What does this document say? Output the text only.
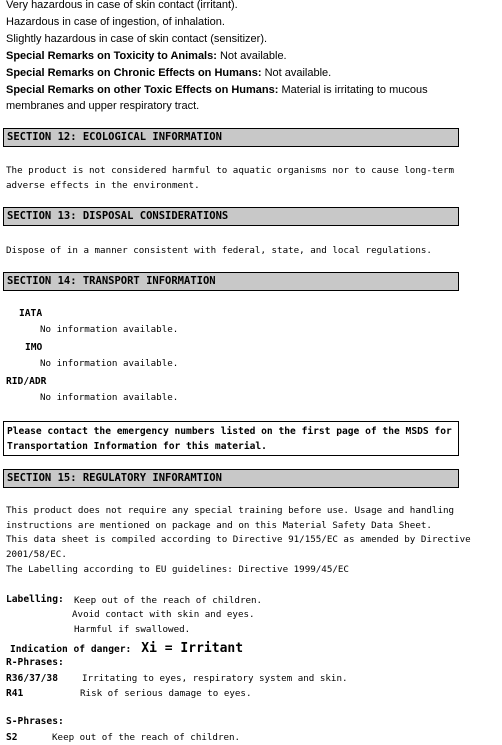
Very hazardous in case of skin contact (irritant).
Hazardous in case of ingestion, of inhalation.
Slightly hazardous in case of skin contact (sensitizer).
Special Remarks on Toxicity to Animals: Not available.
Special Remarks on Chronic Effects on Humans: Not available.
Special Remarks on other Toxic Effects on Humans: Material is irritating to mucous
membranes and upper respiratory tract.
SECTION 12: ECOLOGICAL INFORMATION
The product is not considered harmful to aquatic organisms nor to cause long-term
adverse effects in the environment.
SECTION 13: DISPOSAL CONSIDERATIONS
Dispose of in a manner consistent with federal, state, and local regulations.
SECTION 14: TRANSPORT INFORMATION
IATA
No information available.
IMO
No information available.
RID/ADR
No information available.
Please contact the emergency numbers listed on the first page of the MSDS for Transportation Information for this material.
SECTION 15: REGULATORY INFORAMTION
This product does not require any special training before use. Usage and handling
instructions are mentioned on package and on this Material Safety Data Sheet.
This data sheet is compiled according to Directive 91/155/EC as amended by Directive
2001/58/EC.
The Labelling according to EU guidelines: Directive 1999/45/EC
Labelling: Keep out of the reach of children.
Avoid contact with skin and eyes.
Harmful if swallowed.
Indication of danger: Xi = Irritant
R-Phrases:
R36/37/38	Irritating to eyes, respiratory system and skin.
R41	Risk of serious damage to eyes.
S-Phrases:
S2	Keep out of the reach of children.
